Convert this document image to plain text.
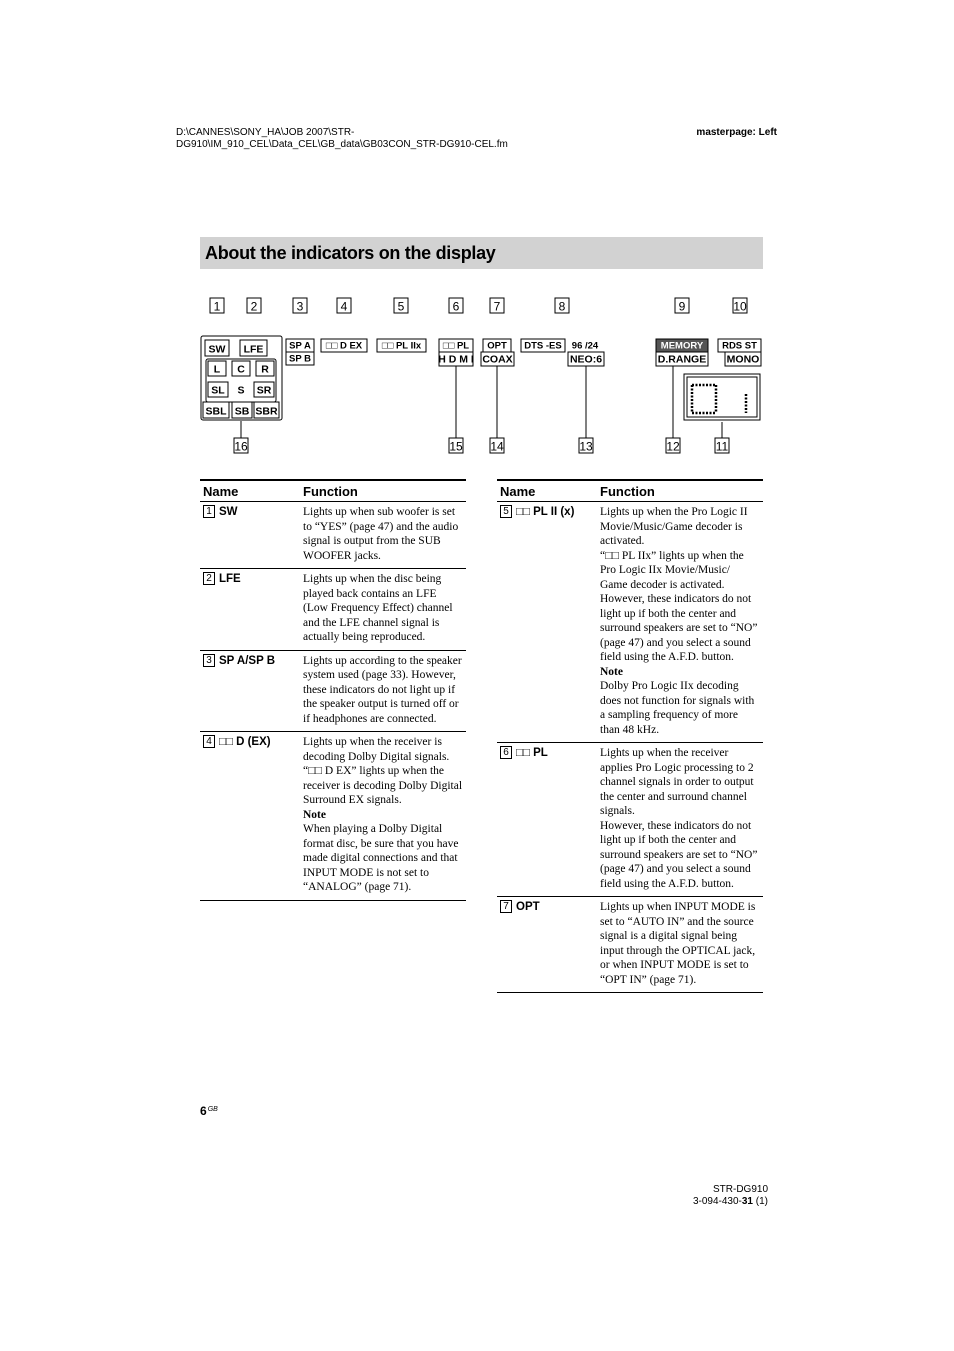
D:\CANNES\SONY_HA\JOB 2007\STR-
DG910\IM_910_CEL\Data_CEL\GB_data\GB03CON_STR-DG910-CEL.fm
masterpage: Left
About the indicators on the display
1	2	3	4	5	6	7	8	9	10
11
12
13
14
15
16
SW LFE
L C R
SL S SR
SBL SB SBR
SP A
SP B
□□ D EX □□ PL IIx □□ PL
H D M I
OPT
COAX
DTS -ES 96 /24
NEO:6
MEMORY
D.RANGE
RDS ST
MONO
Name	Function
1 SW	Lights up when sub woofer is set to “YES” (page 47) and the audio signal is output from the SUB WOOFER jacks.

2 LFE	Lights up when the disc being played back contains an LFE (Low Frequency Effect) channel and the LFE channel signal is actually being reproduced.

3 SP A/SP B	Lights up according to the speaker system used (page 33). However, these indicators do not light up if the speaker output is turned off or if headphones are connected.

4 □□ D (EX)	Lights up when the receiver is decoding Dolby Digital signals.
“□□ D EX” lights up when the receiver is decoding Dolby Digital Surround EX signals.
Note
When playing a Dolby Digital format disc, be sure that you have made digital connections and that INPUT MODE is not set to “ANALOG” (page 71).
Name	Function
5 □□ PL II (x)	Lights up when the Pro Logic II Movie/Music/Game decoder is activated.
“□□ PL IIx” lights up when the Pro Logic IIx Movie/Music/ Game decoder is activated.
However, these indicators do not light up if both the center and surround speakers are set to “NO” (page 47) and you select a sound field using the A.F.D. button.
Note
Dolby Pro Logic IIx decoding does not function for signals with a sampling frequency of more than 48 kHz.

6 □□ PL	Lights up when the receiver applies Pro Logic processing to 2 channel signals in order to output the center and surround channel signals.
However, these indicators do not light up if both the center and surround speakers are set to “NO” (page 47) and you select a sound field using the A.F.D. button.

7 OPT	Lights up when INPUT MODE is set to “AUTO IN” and the source signal is a digital signal being input through the OPTICAL jack, or when INPUT MODE is set to “OPT IN” (page 71).
$6^{GB}$
STR-DG910
3-094-430-31 (1)
